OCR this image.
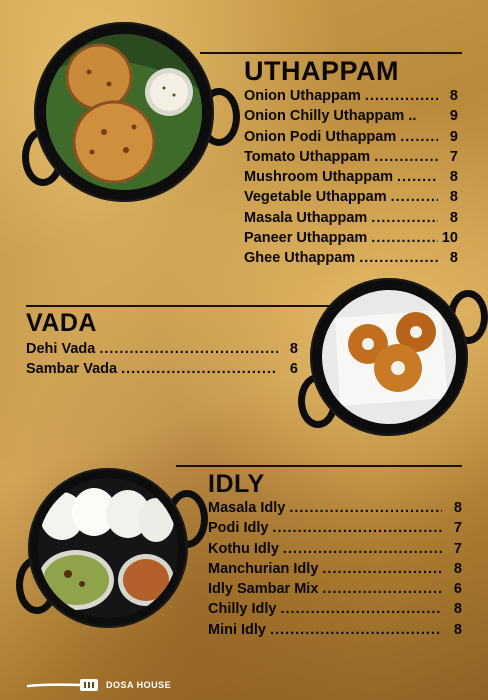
UTHAPPAM
Onion Uthappam .....	8
Onion Chilly Uthappam ..	9
Onion Podi Uthappam .....	9
Tomato Uthappam .....	7
Mushroom Uthappam .....	8
Vegetable Uthappam .....	8
Masala Uthappam .....	8
Paneer Uthappam .....	10
Ghee Uthappam .....	8
VADA
Dehi Vada .....	8
Sambar Vada .....	6
IDLY
Masala Idly .....	8
Podi Idly .....	7
Kothu Idly .....	7
Manchurian Idly .....	8
Idly Sambar Mix .....	6
Chilly Idly .....	8
Mini Idly .....	8
DOSA HOUSE
